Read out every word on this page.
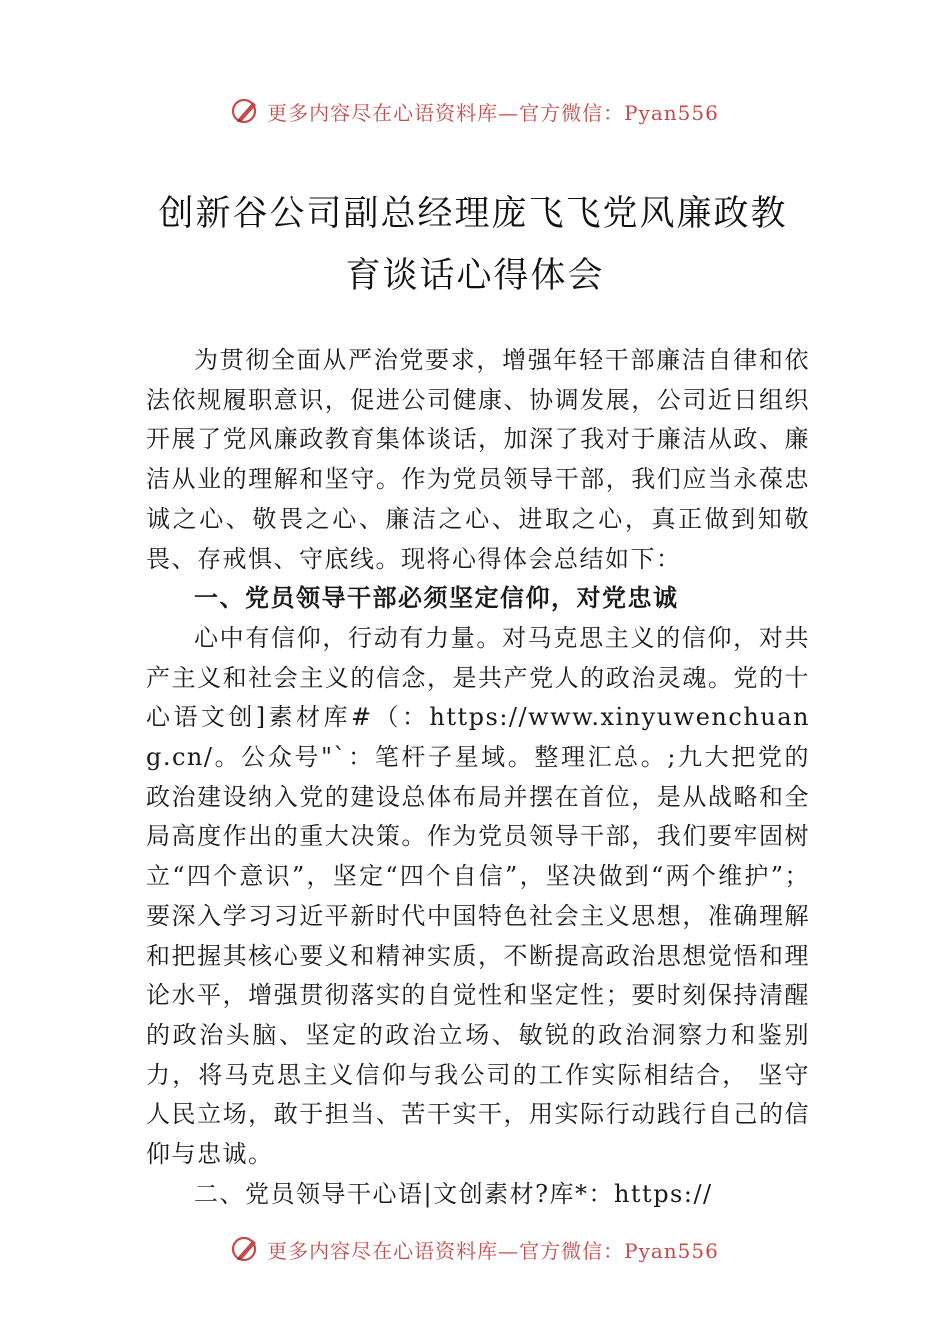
更多内容尽在心语资料库—官方微信：Pyan556
创新谷公司副总经理庞飞飞党风廉政教
育谈话心得体会

为贯彻全面从严治党要求，增强年轻干部廉洁自律和依法依规履职意识，促进公司健康、协调发展，公司近日组织开展了党风廉政教育集体谈话，加深了我对于廉洁从政、廉洁从业的理解和坚守。作为党员领导干部，我们应当永葆忠诚之心、敬畏之心、廉洁之心、进取之心，真正做到知敬畏、存戒惧、守底线。现将心得体会总结如下：

一、党员领导干部必须坚定信仰，对党忠诚

心中有信仰，行动有力量。对马克思主义的信仰，对共产主义和社会主义的信念，是共产党人的政治灵魂。党的十心语文创]素材库#（：https://www.xinyuwenchuang.cn/。公众号"`：笔杆子星域。整理汇总。;九大把党的政治建设纳入党的建设总体布局并摆在首位，是从战略和全局高度作出的重大决策。作为党员领导干部，我们要牢固树立“四个意识”，坚定“四个自信”，坚决做到“两个维护”；要深入学习习近平新时代中国特色社会主义思想，准确理解和把握其核心要义和精神实质，不断提高政治思想觉悟和理论水平，增强贯彻落实的自觉性和坚定性；要时刻保持清醒的政治头脑、坚定的政治立场、敏锐的政治洞察力和鉴别力，将马克思主义信仰与我公司的工作实际相结合， 坚守人民立场，敢于担当、苦干实干，用实际行动践行自己的信仰与忠诚。

二、党员领导干心语|文创素材?库*：https://

更多内容尽在心语资料库—官方微信：Pyan556
